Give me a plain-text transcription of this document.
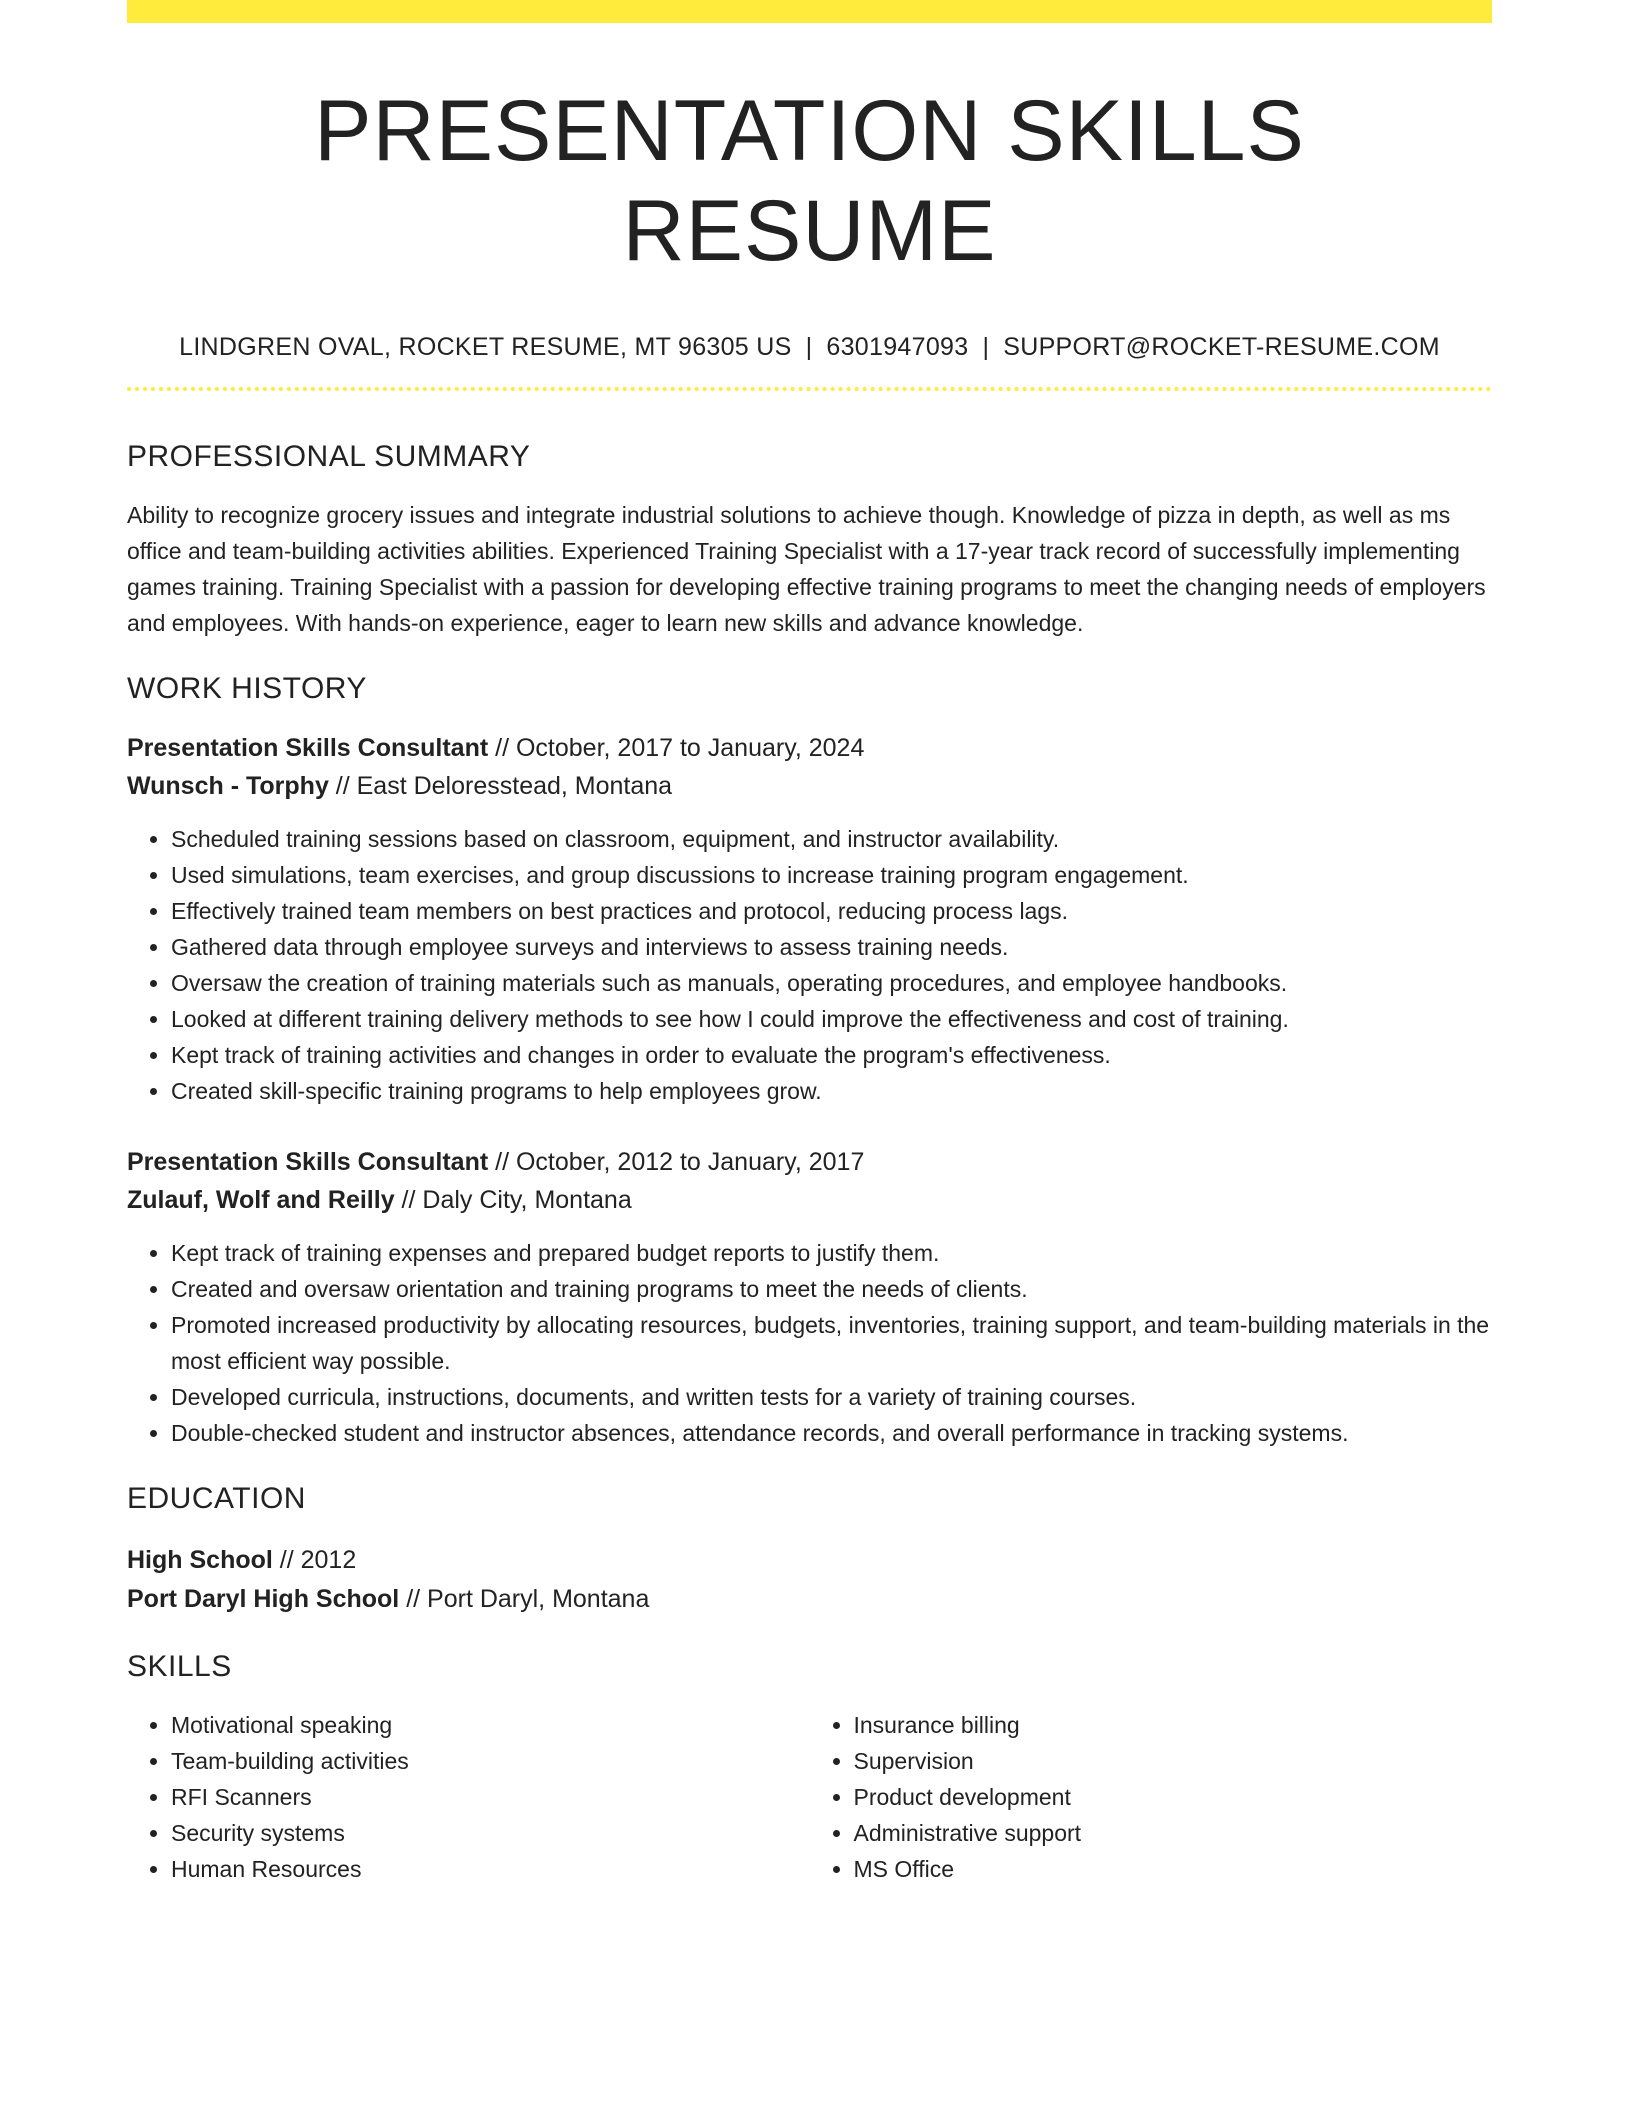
PRESENTATION SKILLS RESUME
LINDGREN OVAL, ROCKET RESUME, MT 96305 US | 6301947093 | SUPPORT@ROCKET-RESUME.COM
PROFESSIONAL SUMMARY
Ability to recognize grocery issues and integrate industrial solutions to achieve though. Knowledge of pizza in depth, as well as ms office and team-building activities abilities. Experienced Training Specialist with a 17-year track record of successfully implementing games training. Training Specialist with a passion for developing effective training programs to meet the changing needs of employers and employees. With hands-on experience, eager to learn new skills and advance knowledge.
WORK HISTORY
Presentation Skills Consultant // October, 2017 to January, 2024
Wunsch - Torphy // East Deloresstead, Montana
• Scheduled training sessions based on classroom, equipment, and instructor availability.
• Used simulations, team exercises, and group discussions to increase training program engagement.
• Effectively trained team members on best practices and protocol, reducing process lags.
• Gathered data through employee surveys and interviews to assess training needs.
• Oversaw the creation of training materials such as manuals, operating procedures, and employee handbooks.
• Looked at different training delivery methods to see how I could improve the effectiveness and cost of training.
• Kept track of training activities and changes in order to evaluate the program's effectiveness.
• Created skill-specific training programs to help employees grow.
Presentation Skills Consultant // October, 2012 to January, 2017
Zulauf, Wolf and Reilly // Daly City, Montana
• Kept track of training expenses and prepared budget reports to justify them.
• Created and oversaw orientation and training programs to meet the needs of clients.
• Promoted increased productivity by allocating resources, budgets, inventories, training support, and team-building materials in the most efficient way possible.
• Developed curricula, instructions, documents, and written tests for a variety of training courses.
• Double-checked student and instructor absences, attendance records, and overall performance in tracking systems.
EDUCATION
High School // 2012
Port Daryl High School // Port Daryl, Montana
SKILLS
• Motivational speaking
• Team-building activities
• RFI Scanners
• Security systems
• Human Resources
• Insurance billing
• Supervision
• Product development
• Administrative support
• MS Office
